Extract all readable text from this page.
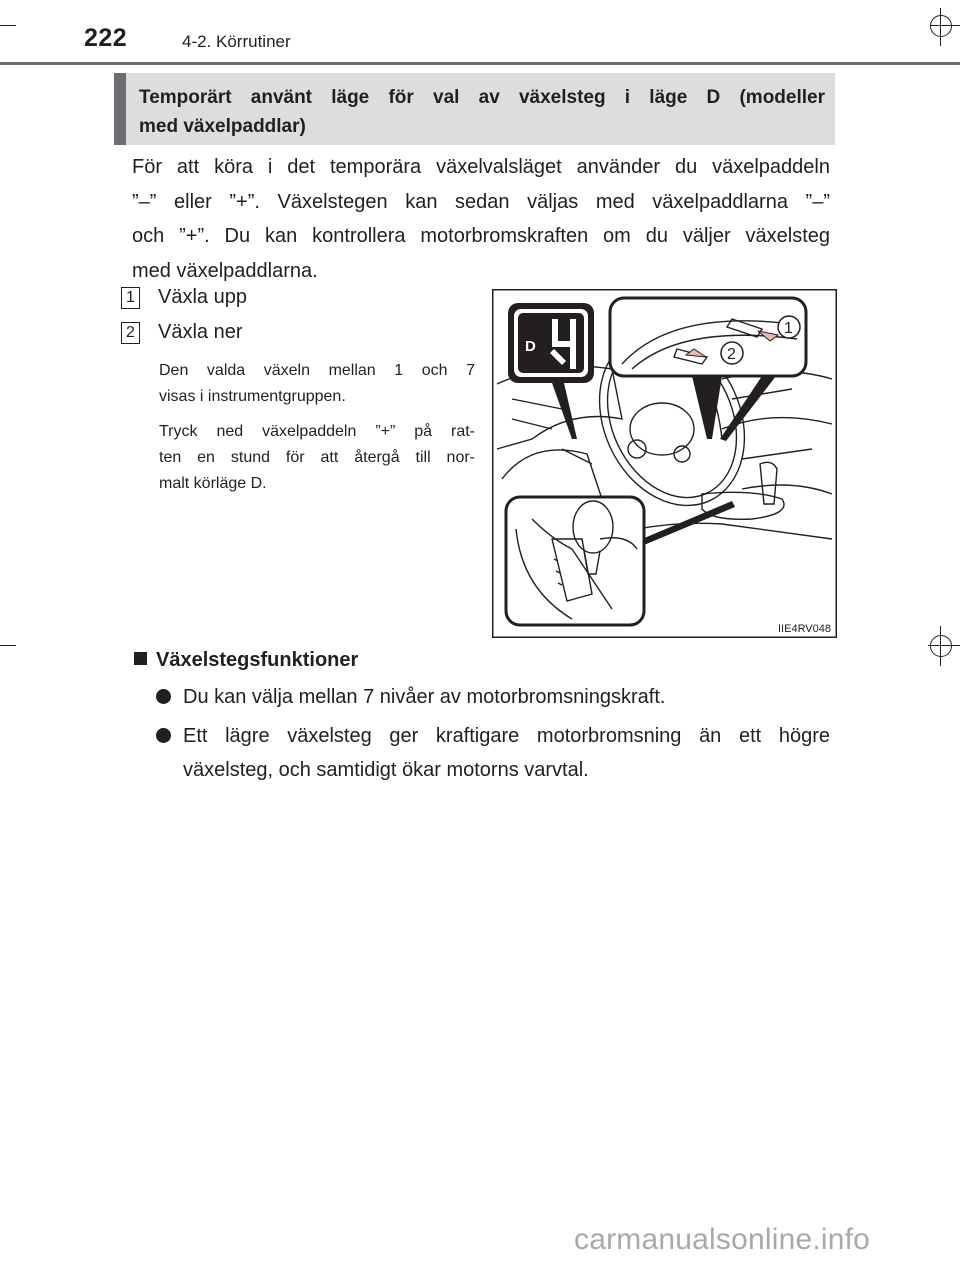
222	4-2. Körrutiner

Temporärt använt läge för val av växelsteg i läge D (modeller

med växelpaddlar)

För att köra i det temporära växelvalsläget använder du växelpaddeln
”–” eller ”+”. Växelstegen kan sedan väljas med växelpaddlarna ”–”
och ”+”. Du kan kontrollera motorbromskraften om du väljer växelsteg
med växelpaddlarna.
1 Växla upp
2 Växla ner
Den valda växeln mellan 1 och 7
visas i instrumentgruppen.
Tryck ned växelpaddeln ”+” på rat-
ten en stund för att återgå till nor-
malt körläge D.
D
1
2
IIE4RV048
Växelstegsfunktioner
Du kan välja mellan 7 nivåer av motorbromsningskraft.
Ett lägre växelsteg ger kraftigare motorbromsning än ett högre
växelsteg, och samtidigt ökar motorns varvtal.
carmanualsonline.info
